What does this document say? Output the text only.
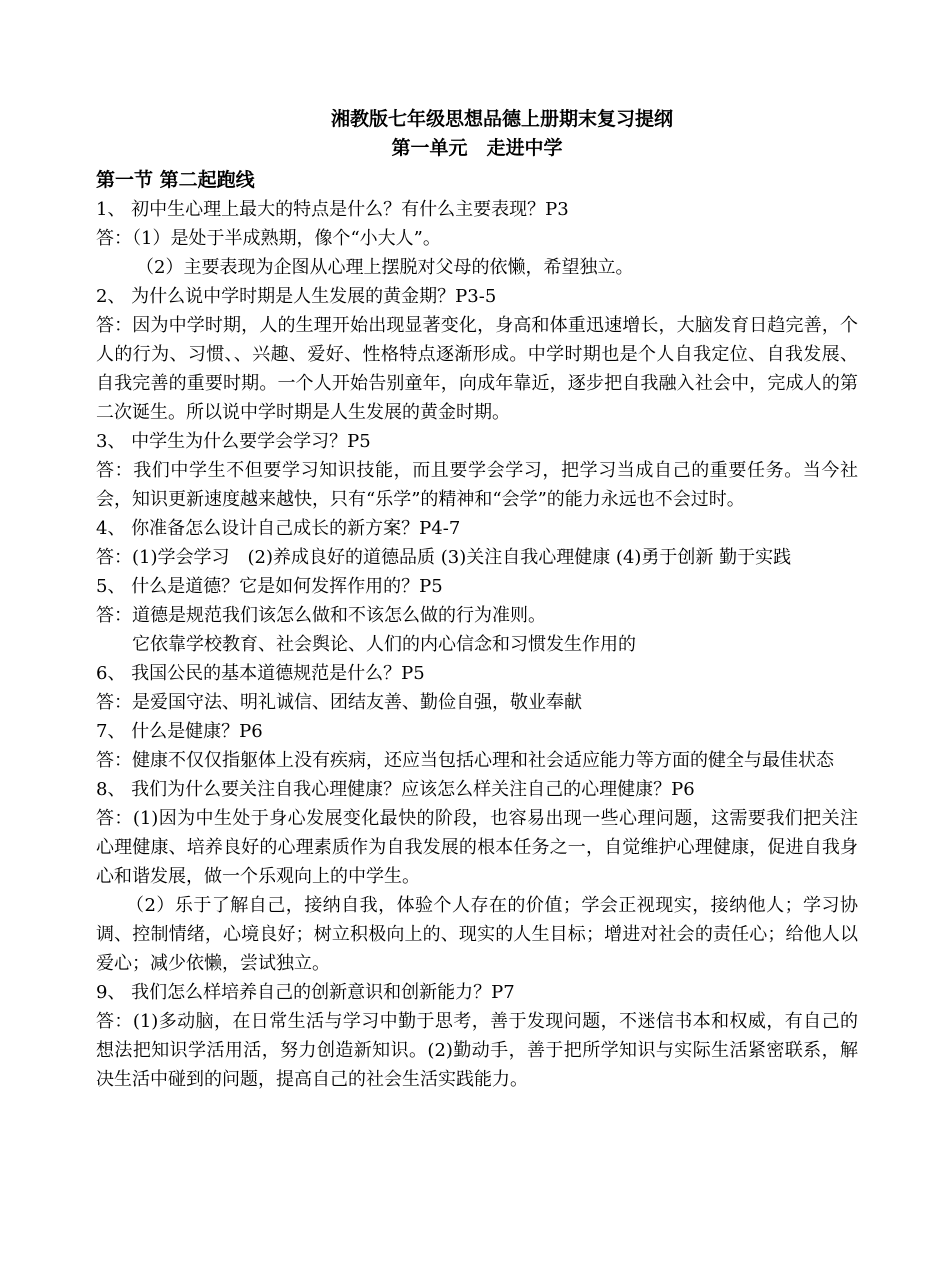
湘教版七年级思想品德上册期末复习提纲
第一单元　走进中学
第一节 第二起跑线

1、 初中生心理上最大的特点是什么？有什么主要表现？P3

答：（1）是处于半成熟期，像个“小大人”。

（2）主要表现为企图从心理上摆脱对父母的依懒，希望独立。

2、 为什么说中学时期是人生发展的黄金期？P3-5

答：因为中学时期，人的生理开始出现显著变化，身高和体重迅速增长，大脑发育日趋完善，个人的行为、习惯、、兴趣、爱好、性格特点逐渐形成。中学时期也是个人自我定位、自我发展、自我完善的重要时期。一个人开始告别童年，向成年靠近，逐步把自我融入社会中，完成人的第二次诞生。所以说中学时期是人生发展的黄金时期。

3、 中学生为什么要学会学习？P5

答：我们中学生不但要学习知识技能，而且要学会学习，把学习当成自己的重要任务。当今社会，知识更新速度越来越快，只有“乐学”的精神和“会学”的能力永远也不会过时。

4、 你准备怎么设计自己成长的新方案？P4-7

答：(1)学会学习　(2)养成良好的道德品质 (3)关注自我心理健康 (4)勇于创新 勤于实践

5、 什么是道德？它是如何发挥作用的？P5

答：道德是规范我们该怎么做和不该怎么做的行为准则。

它依靠学校教育、社会舆论、人们的内心信念和习惯发生作用的

6、 我国公民的基本道德规范是什么？P5

答：是爱国守法、明礼诚信、团结友善、勤俭自强，敬业奉献

7、 什么是健康？P6

答：健康不仅仅指躯体上没有疾病，还应当包括心理和社会适应能力等方面的健全与最佳状态

8、 我们为什么要关注自我心理健康？应该怎么样关注自己的心理健康？P6

答：(1)因为中生处于身心发展变化最快的阶段，也容易出现一些心理问题，这需要我们把关注心理健康、培养良好的心理素质作为自我发展的根本任务之一，自觉维护心理健康，促进自我身心和谐发展，做一个乐观向上的中学生。

（2）乐于了解自己，接纳自我，体验个人存在的价值；学会正视现实，接纳他人；学习协调、控制情绪，心境良好；树立积极向上的、现实的人生目标；增进对社会的责任心；给他人以爱心；减少依懒，尝试独立。

9、 我们怎么样培养自己的创新意识和创新能力？P7

答：(1)多动脑，在日常生活与学习中勤于思考，善于发现问题，不迷信书本和权威，有自己的想法把知识学活用活，努力创造新知识。(2)勤动手，善于把所学知识与实际生活紧密联系，解决生活中碰到的问题，提高自己的社会生活实践能力。
